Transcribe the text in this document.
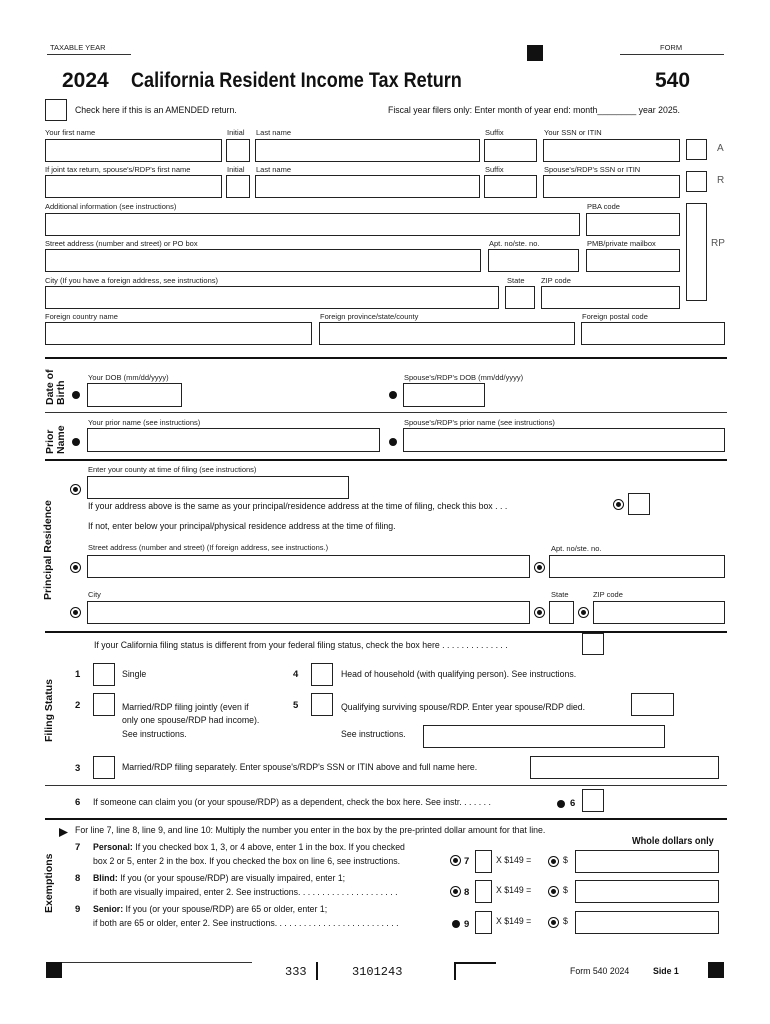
TAXABLE YEAR	FORM
2024 California Resident Income Tax Return	540
Check here if this is an AMENDED return.	Fiscal year filers only: Enter month of year end: month________ year 2025.
Your first name	Initial Last name	Suffix	Your SSN or ITIN
A
If joint tax return, spouse's/RDP's first name	Initial Last name	Suffix	Spouse's/RDP's SSN or ITIN
R
Additional information (see instructions)	PBA code
RP
Street address (number and street) or PO box	Apt. no/ste. no.	PMB/private mailbox
City (If you have a foreign address, see instructions)	State ZIP code
Foreign country name	Foreign province/state/county	Foreign postal code
Date of Birth
Your DOB (mm/dd/yyyy)	Spouse's/RDP's DOB (mm/dd/yyyy)
Prior Name
Your prior name (see instructions)	Spouse's/RDP's prior name (see instructions)
Principal Residence
Enter your county at time of filing (see instructions)
If your address above is the same as your principal/residence address at the time of filing, check this box . . .
If not, enter below your principal/physical residence address at the time of filing.
Street address (number and street) (If foreign address, see instructions.)	Apt. no/ste. no.
City	State	ZIP code
Filing Status
If your California filing status is different from your federal filing status, check the box here . . . . . . . . . . . . . .
1	Single	4	Head of household (with qualifying person). See instructions.
2	Married/RDP filing jointly (even if
only one spouse/RDP had income).
See instructions.
5	Qualifying surviving spouse/RDP. Enter year spouse/RDP died.
See instructions.
3	Married/RDP filing separately. Enter spouse's/RDP's SSN or ITIN above and full name here.
6 If someone can claim you (or your spouse/RDP) as a dependent, check the box here. See instr. . . . . . .	6
Exemptions
For line 7, line 8, line 9, and line 10: Multiply the number you enter in the box by the pre-printed dollar amount for that line.
Whole dollars only
7 Personal: If you checked box 1, 3, or 4 above, enter 1 in the box. If you checked
box 2 or 5, enter 2 in the box. If you checked the box on line 6, see instructions.	7	X $149 =	$
8 Blind: If you (or your spouse/RDP) are visually impaired, enter 1;
if both are visually impaired, enter 2. See instructions. . . . . . . . . . . . . . . . . . . . .	8	X $149 =	$
9 Senior: If you (or your spouse/RDP) are 65 or older, enter 1;
if both are 65 or older, enter 2. See instructions. . . . . . . . . . . . . . . . . . . . . . . . . .	9	X $149 =	$
333	3101243	Form 540 2024 Side 1
